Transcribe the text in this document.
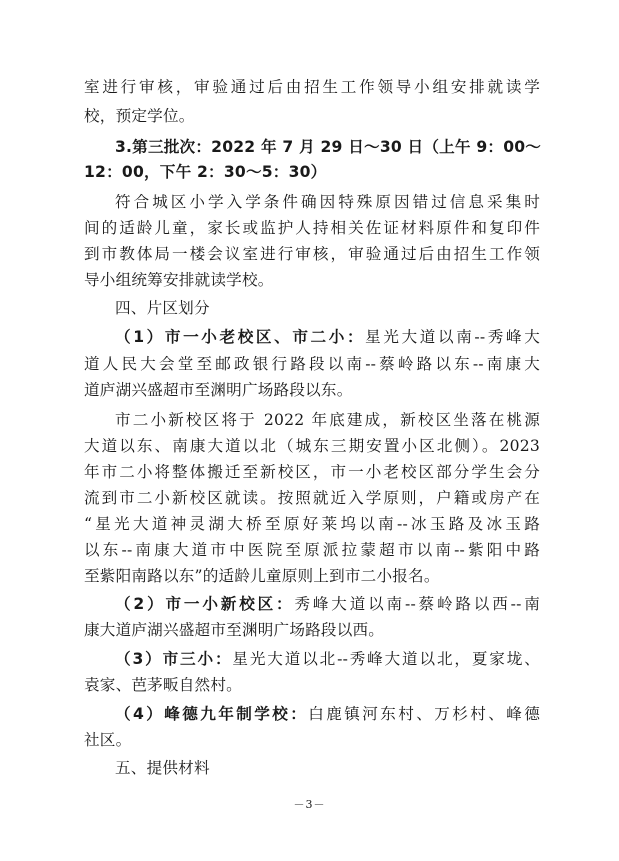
室进行审核，审验通过后由招生工作领导小组安排就读学
校，预定学位。
3.第三批次：2022 年 7 月 29 日～30 日（上午 9：00～
12：00，下午 2：30～5：30）
符合城区小学入学条件确因特殊原因错过信息采集时
间的适龄儿童，家长或监护人持相关佐证材料原件和复印件
到市教体局一楼会议室进行审核，审验通过后由招生工作领
导小组统筹安排就读学校。
四、片区划分
（1）市一小老校区、市二小：星光大道以南--秀峰大
道人民大会堂至邮政银行路段以南--蔡岭路以东--南康大
道庐湖兴盛超市至渊明广场路段以东。
市二小新校区将于 2022 年底建成，新校区坐落在桃源
大道以东、南康大道以北（城东三期安置小区北侧）。2023
年市二小将整体搬迁至新校区，市一小老校区部分学生会分
流到市二小新校区就读。按照就近入学原则，户籍或房产在
“星光大道神灵湖大桥至原好莱坞以南--冰玉路及冰玉路
以东--南康大道市中医院至原派拉蒙超市以南--紫阳中路
至紫阳南路以东”的适龄儿童原则上到市二小报名。
（2）市一小新校区：秀峰大道以南--蔡岭路以西--南
康大道庐湖兴盛超市至渊明广场路段以西。
（3）市三小：星光大道以北--秀峰大道以北，夏家垅、
袁家、芭茅畈自然村。
（4）峰德九年制学校：白鹿镇河东村、万杉村、峰德
社区。
五、提供材料
－3－
